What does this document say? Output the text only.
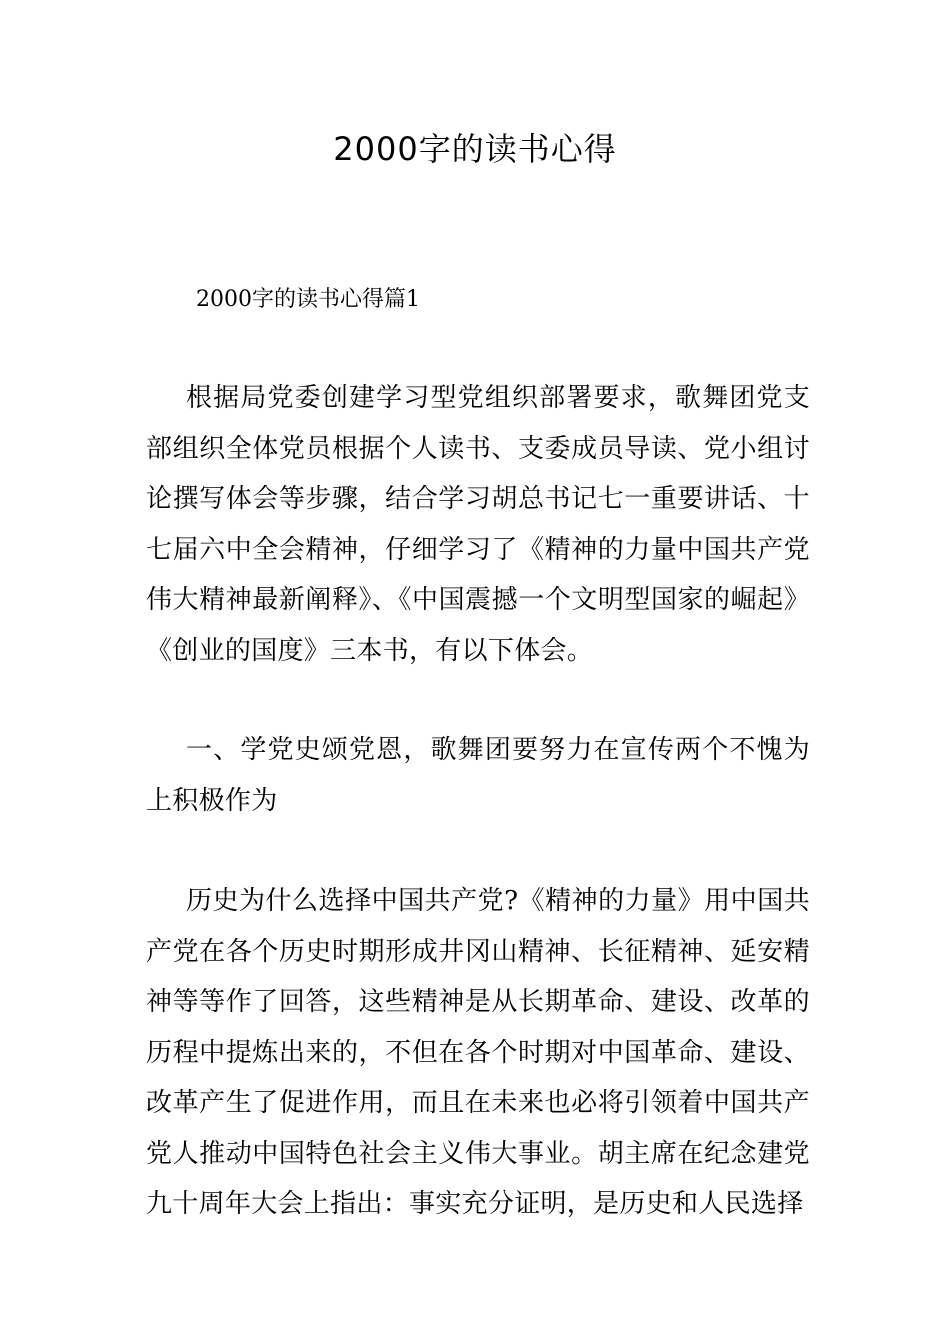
2000字的读书心得
2000字的读书心得篇1

根据局党委创建学习型党组织部署要求，歌舞团党支部组织全体党员根据个人读书、支委成员导读、党小组讨论撰写体会等步骤，结合学习胡总书记七一重要讲话、十七届六中全会精神，仔细学习了《精神的力量中国共产党伟大精神最新阐释》、《中国震撼一个文明型国家的崛起》《创业的国度》三本书，有以下体会。

一、学党史颂党恩，歌舞团要努力在宣传两个不愧为上积极作为

历史为什么选择中国共产党?《精神的力量》用中国共产党在各个历史时期形成井冈山精神、长征精神、延安精神等等作了回答，这些精神是从长期革命、建设、改革的历程中提炼出来的，不但在各个时期对中国革命、建设、改革产生了促进作用，而且在未来也必将引领着中国共产党人推动中国特色社会主义伟大事业。胡主席在纪念建党九十周年大会上指出：事实充分证明，是历史和人民选择
